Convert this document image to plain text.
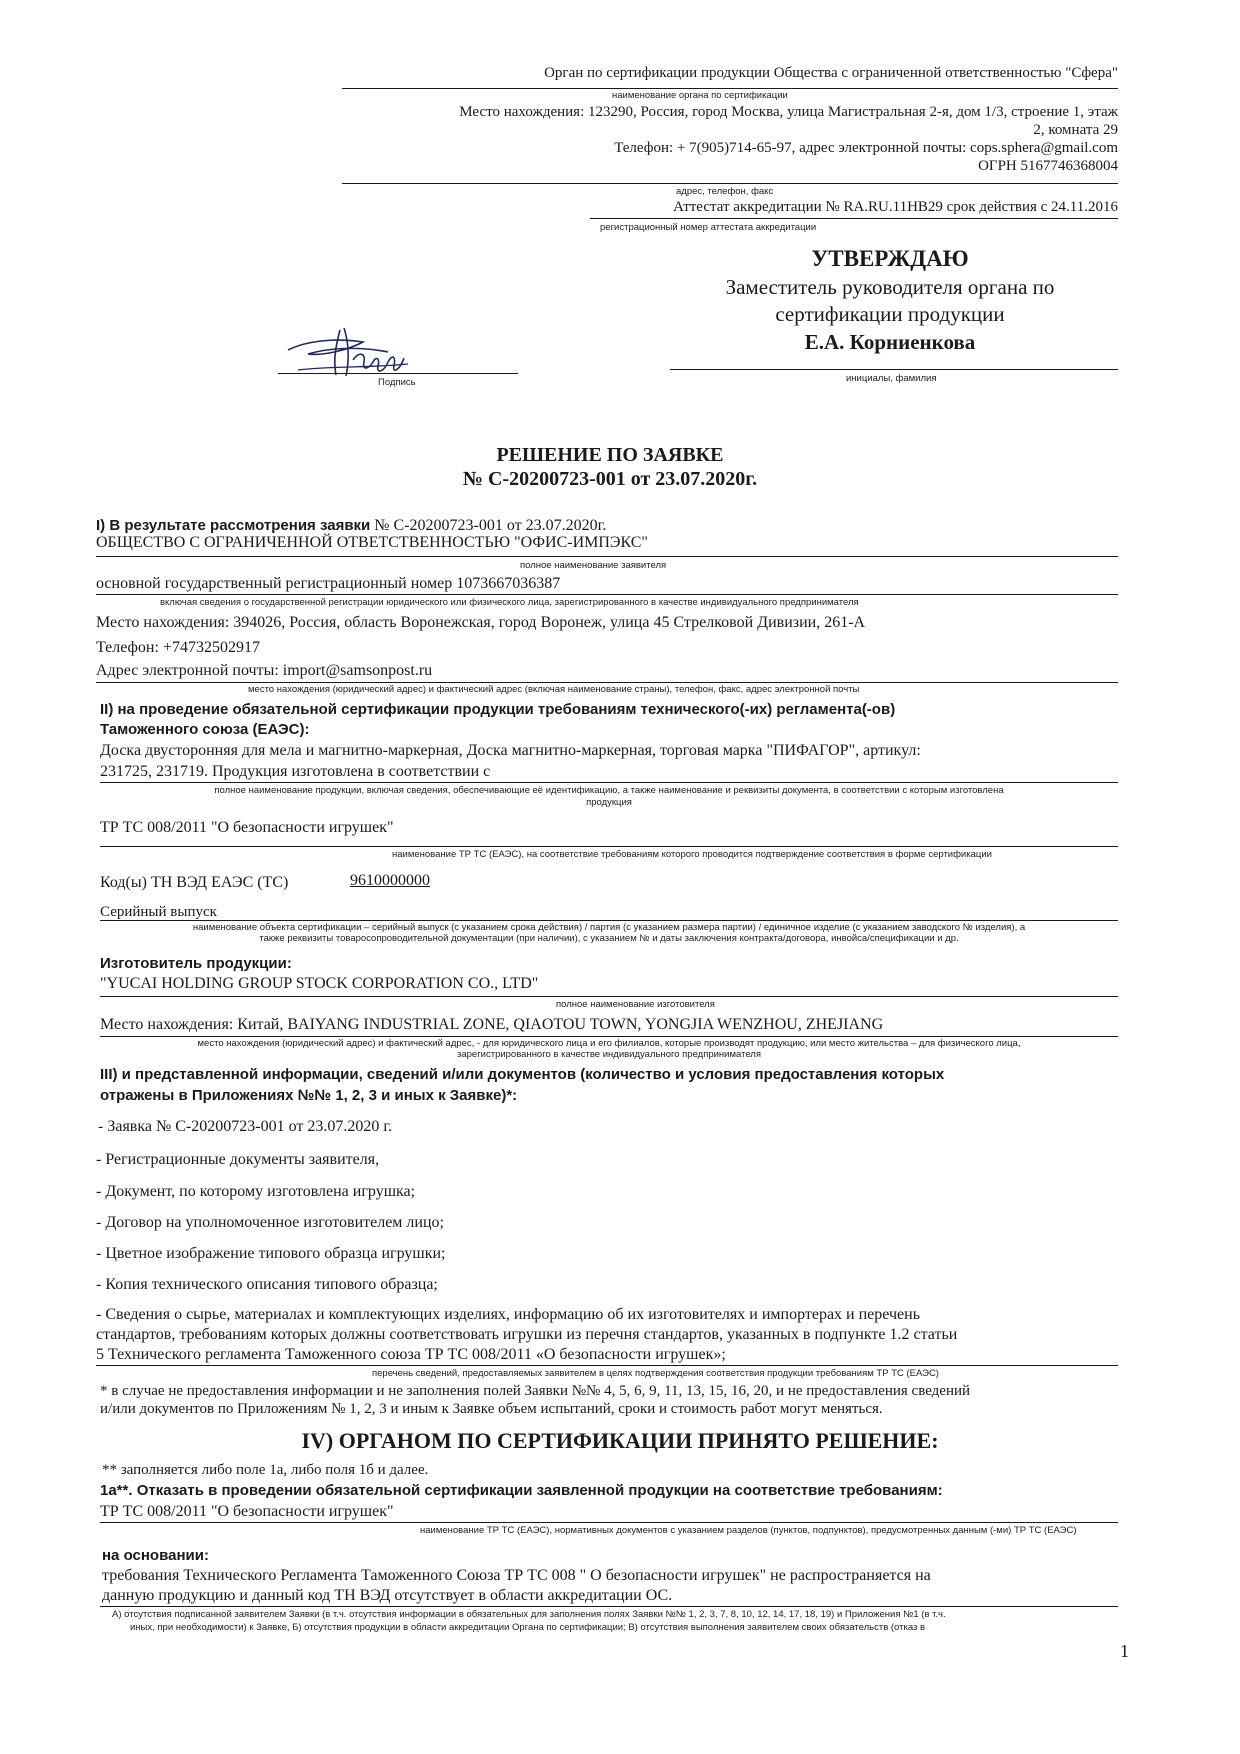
Орган по сертификации продукции Общества с ограниченной ответственностью "Сфера"
наименование органа по сертификации
Место нахождения: 123290, Россия, город Москва, улица Магистральная 2-я, дом 1/3, строение 1, этаж
2, комната 29
Телефон: + 7(905)714-65-97, адрес электронной почты: cops.sphera@gmail.com
ОГРН 5167746368004
адрес, телефон, факс
Аттестат аккредитации № RA.RU.11НВ29 срок действия с 24.11.2016
регистрационный номер аттестата аккредитации
УТВЕРЖДАЮ
Заместитель руководителя органа по
сертификации продукции
Е.А. Корниенкова
инициалы, фамилия
Подпись
РЕШЕНИЕ ПО ЗАЯВКЕ
№ С-20200723-001 от 23.07.2020г.
I) В результате рассмотрения заявки № С-20200723-001 от 23.07.2020г.
ОБЩЕСТВО С ОГРАНИЧЕННОЙ ОТВЕТСТВЕННОСТЬЮ "ОФИС-ИМПЭКС"
полное наименование заявителя
основной государственный регистрационный номер 1073667036387
включая сведения о государственной регистрации юридического или физического лица, зарегистрированного в качестве индивидуального предпринимателя
Место нахождения: 394026, Россия, область Воронежская, город Воронеж, улица 45 Стрелковой Дивизии, 261-А
Телефон: +74732502917
Адрес электронной почты: import@samsonpost.ru
место нахождения (юридический адрес) и фактический адрес (включая наименование страны), телефон, факс, адрес электронной почты
II) на проведение обязательной сертификации продукции требованиям технического(-их) регламента(-ов)
Таможенного союза (ЕАЭС):
Доска двусторонняя для мела и магнитно-маркерная, Доска магнитно-маркерная, торговая марка "ПИФАГОР", артикул:
231725, 231719. Продукция изготовлена в соответствии с
полное наименование продукции, включая сведения, обеспечивающие её идентификацию, а также наименование и реквизиты документа, в соответствии с которым изготовлена
продукция
ТР ТС 008/2011 "О безопасности игрушек"
наименование ТР ТС (ЕАЭС), на соответствие требованиям которого проводится подтверждение соответствия в форме сертификации
Код(ы) ТН ВЭД ЕАЭС (ТС)	9610000000
Серийный выпуск
наименование объекта сертификации – серийный выпуск (с указанием срока действия) / партия (с указанием размера партии) / единичное изделие (с указанием заводского № изделия), а
также реквизиты товаросопроводительной документации (при наличии), с указанием № и даты заключения контракта/договора, инвойса/спецификации и др.
Изготовитель продукции:
"YUCAI HOLDING GROUP STOCK CORPORATION CO., LTD"
полное наименование изготовителя
Место нахождения: Китай, BAIYANG INDUSTRIAL ZONE, QIAOTOU TOWN, YONGJIA WENZHOU, ZHEJIANG
место нахождения (юридический адрес) и фактический адрес, - для юридического лица и его филиалов, которые производят продукцию, или место жительства – для физического лица,
зарегистрированного в качестве индивидуального предпринимателя
III) и представленной информации, сведений и/или документов (количество и условия предоставления которых
отражены в Приложениях №№ 1, 2, 3 и иных к Заявке)*:
- Заявка № С-20200723-001 от 23.07.2020 г.
- Регистрационные документы заявителя,
- Документ, по которому изготовлена игрушка;
- Договор на уполномоченное изготовителем лицо;
- Цветное изображение типового образца игрушки;
- Копия технического описания типового образца;
- Сведения о сырье, материалах и комплектующих изделиях, информацию об их изготовителях и импортерах и перечень
стандартов, требованиям которых должны соответствовать игрушки из перечня стандартов, указанных в подпункте 1.2 статьи
5 Технического регламента Таможенного союза ТР ТС 008/2011 «О безопасности игрушек»;
перечень сведений, предоставляемых заявителем в целях подтверждения соответствия продукции требованиям ТР ТС (ЕАЭС)
* в случае не предоставления информации и не заполнения полей Заявки №№ 4, 5, 6, 9, 11, 13, 15, 16, 20, и не предоставления сведений
и/или документов по Приложениям № 1, 2, 3 и иным к Заявке объем испытаний, сроки и стоимость работ могут меняться.
IV) ОРГАНОМ ПО СЕРТИФИКАЦИИ ПРИНЯТО РЕШЕНИЕ:
** заполняется либо поле 1а, либо поля 1б и далее.
1а**. Отказать в проведении обязательной сертификации заявленной продукции на соответствие требованиям:
ТР ТС 008/2011 "О безопасности игрушек"
наименование ТР ТС (ЕАЭС), нормативных документов с указанием разделов (пунктов, подпунктов), предусмотренных данным (-ми) ТР ТС (ЕАЭС)
на основании:
требования Технического Регламента Таможенного Союза ТР ТС 008 " О безопасности игрушек" не распространяется на
данную продукцию и данный код ТН ВЭД отсутствует в области аккредитации ОС.
А) отсутствия подписанной заявителем Заявки (в т.ч. отсутствия информации в обязательных для заполнения полях Заявки №№ 1, 2, 3, 7, 8, 10, 12, 14, 17, 18, 19) и Приложения №1 (в т.ч.
иных, при необходимости) к Заявке, Б) отсутствия продукции в области аккредитации Органа по сертификации; В) отсутствия выполнения заявителем своих обязательств (отказ в
1
